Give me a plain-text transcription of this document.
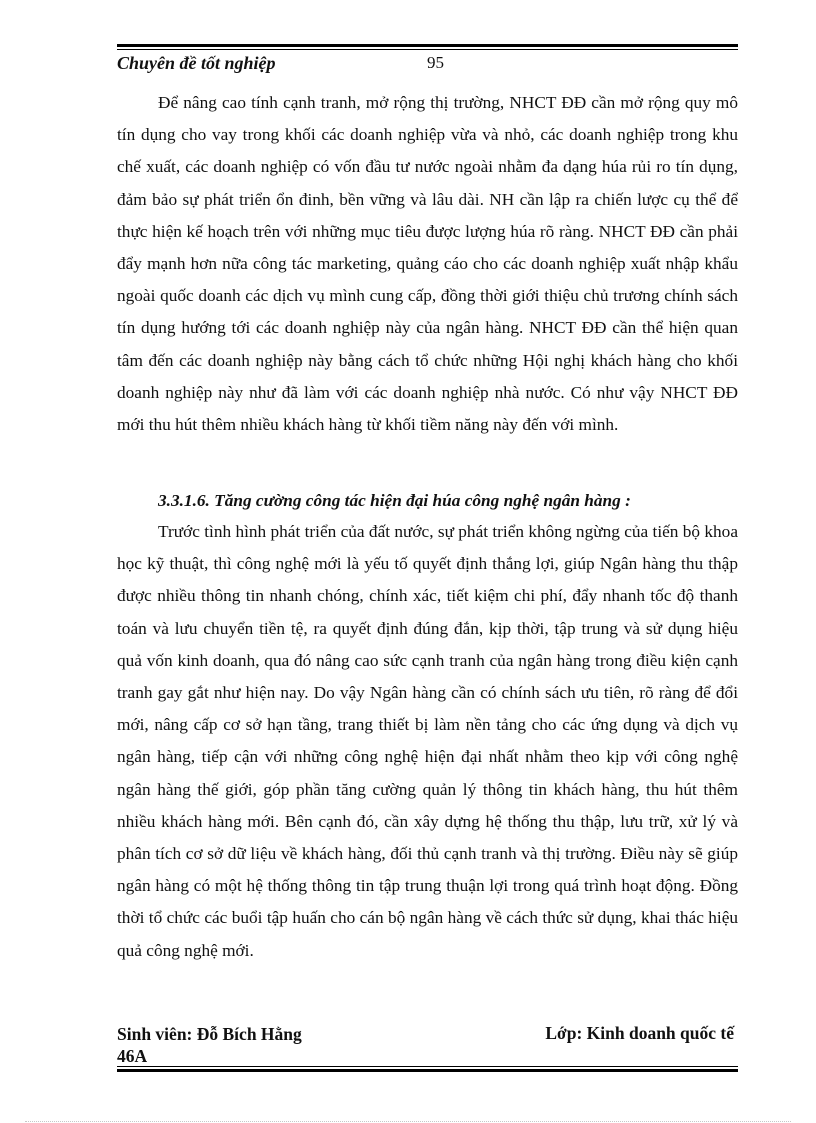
Chuyên đề tốt nghiệp	95

Để nâng cao tính cạnh tranh, mở rộng thị trường, NHCT ĐĐ cần mở rộng quy mô tín dụng cho vay trong khối các doanh nghiệp vừa và nhỏ, các doanh nghiệp trong khu chế xuất, các doanh nghiệp có vốn đầu tư nước ngoài nhằm đa dạng húa rủi ro tín dụng, đảm bảo sự phát triển ổn đinh, bền vững và lâu dài. NH cần lập ra chiến lược cụ thể để thực hiện kế hoạch trên với những mục tiêu được lượng húa rõ ràng. NHCT ĐĐ cần phải đẩy mạnh hơn nữa công tác marketing, quảng cáo cho các doanh nghiệp xuất nhập khẩu ngoài quốc doanh các dịch vụ mình cung cấp, đồng thời giới thiệu chủ trương chính sách tín dụng hướng tới các doanh nghiệp này của ngân hàng. NHCT ĐĐ cần thể hiện quan tâm đến các doanh nghiệp này bằng cách tổ chức những Hội nghị khách hàng cho khối doanh nghiệp này như đã làm với các doanh nghiệp nhà nước. Có như vậy NHCT ĐĐ mới thu hút thêm nhiều khách hàng từ khối tiềm năng này đến với mình.

3.3.1.6. Tăng cường công tác hiện đại húa công nghệ ngân hàng :

Trước tình hình phát triển của đất nước, sự phát triển không ngừng của tiến bộ khoa học kỹ thuật, thì công nghệ mới là yếu tố quyết định thắng lợi, giúp Ngân hàng thu thập được nhiều thông tin nhanh chóng, chính xác, tiết kiệm chi phí, đẩy nhanh tốc độ thanh toán và lưu chuyển tiền tệ, ra quyết định đúng đắn, kịp thời, tập trung và sử dụng hiệu quả vốn kinh doanh, qua đó nâng cao sức cạnh tranh của ngân hàng trong điều kiện cạnh tranh gay gắt như hiện nay. Do vậy Ngân hàng cần có chính sách ưu tiên, rõ ràng để đổi mới, nâng cấp cơ sở hạn tầng, trang thiết bị làm nền tảng cho các ứng dụng và dịch vụ ngân hàng, tiếp cận với những công nghệ hiện đại nhất nhằm theo kịp với công nghệ ngân hàng thế giới, góp phần tăng cường quản lý thông tin khách hàng, thu hút thêm nhiều khách hàng mới. Bên cạnh đó, cần xây dựng hệ thống thu thập, lưu trữ, xử lý và phân tích cơ sở dữ liệu về khách hàng, đối thủ cạnh tranh và thị trường. Điều này sẽ giúp ngân hàng có một hệ thống thông tin tập trung thuận lợi trong quá trình hoạt động. Đồng thời tổ chức các buổi tập huấn cho cán bộ ngân hàng về cách thức sử dụng, khai thác hiệu quả công nghệ mới.

Sinh viên: Đỗ Bích Hằng
46A
Lớp: Kinh doanh quốc tế
